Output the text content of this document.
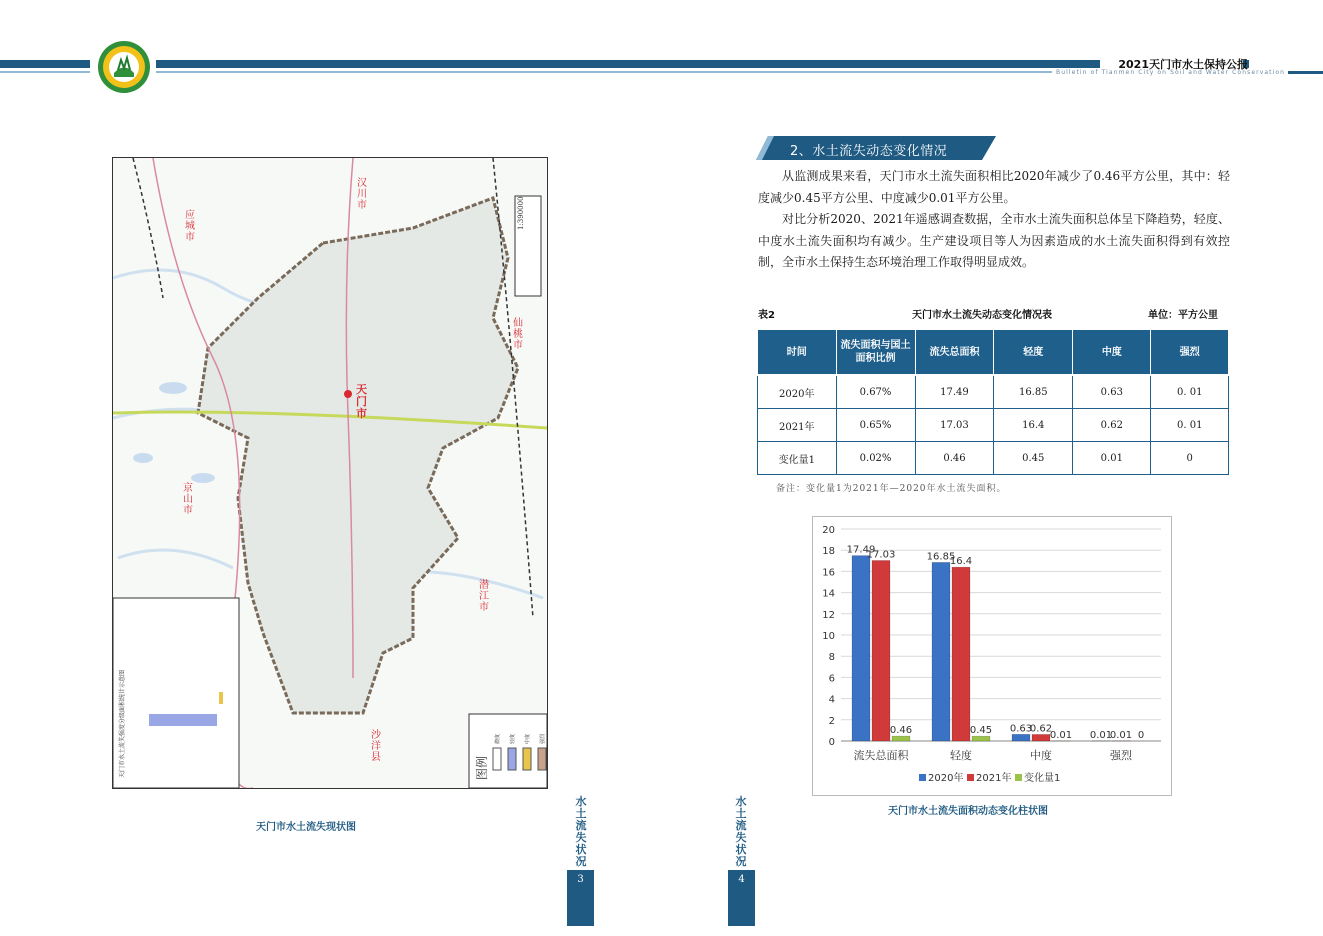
2021天门市水土保持公报
Bulletin of Tianmen City on Soil and Water Conservation
天门市
应城市
汉川市
仙桃市
京山市
潜江市
沙洋县
1:390000
天门市水土流失强度分级面积统计示意图	图例
微度 轻度 中度 强烈
天门市水土流失现状图
水土流失状况
水土流失状况
3	4
2、水土流失动态变化情况
从监测成果来看，天门市水土流失面积相比2020年减少了0.46平方公里，其中：轻度减少0.45平方公里、中度减少0.01平方公里。
对比分析2020、2021年遥感调查数据，全市水土流失面积总体呈下降趋势，轻度、中度水土流失面积均有减少。生产建设项目等人为因素造成的水土流失面积得到有效控制，全市水土保持生态环境治理工作取得明显成效。
表2	天门市水土流失动态变化情况表	单位：平方公里
时间	流失面积与国土面积比例	流失总面积	轻度	中度	强烈
2020年	0.67%	17.49	16.85	0.63	0. 01
2021年	0.65%	17.03	16.4	0.62	0. 01
变化量1	0.02%	0.46	0.45	0.01	0
备注：变化量1为2021年—2020年水土流失面积。
0
2
4
6
8
10
12
14
16
18
20
17.49
17.03
0.46
流失总面积
16.85
16.4
0.45
轻度
0.63
0.62
0.01
中度
0.01
0.01 0
强烈
2020年 2021年 变化量1
天门市水土流失面积动态变化柱状图
